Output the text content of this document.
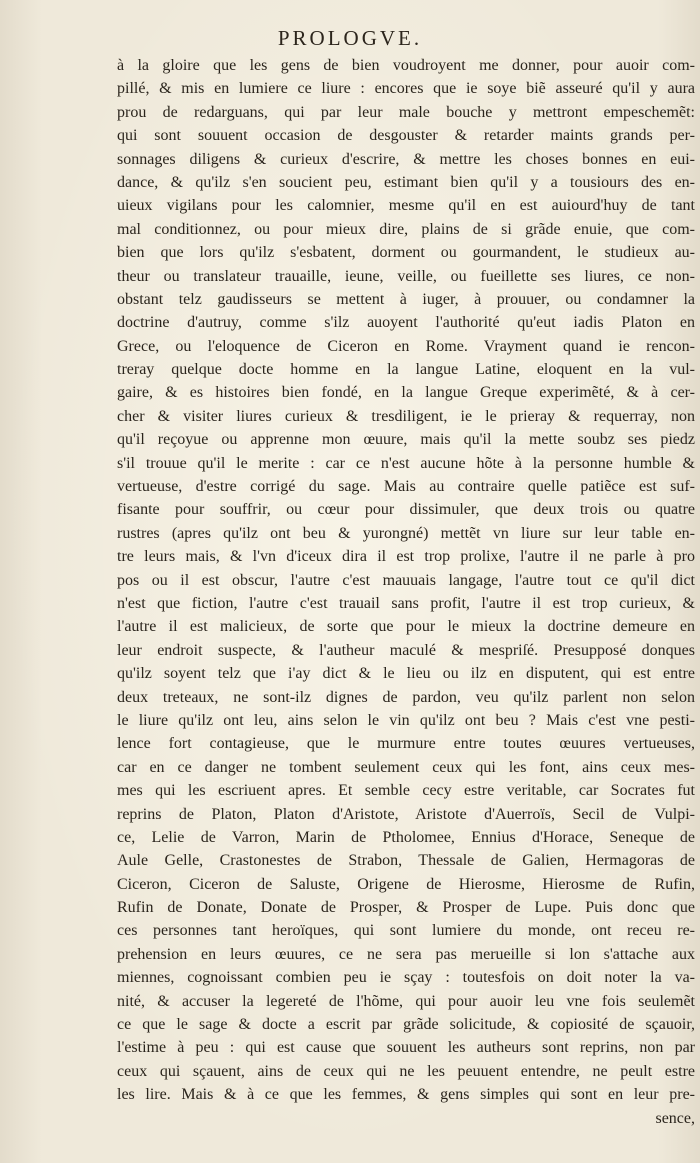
PROLOGVE.
à la gloire que les gens de bien voudroyent me donner, pour auoir com-
pillé, & mis en lumiere ce liure : encores que ie soye biẽ asseuré qu'il y aura
prou de redarguans, qui par leur male bouche y mettront empeschemẽt:
qui sont souuent occasion de desgouster & retarder maints grands per-
sonnages diligens & curieux d'escrire, & mettre les choses bonnes en eui-
dance, & qu'ilz s'en soucient peu, estimant bien qu'il y a tousiours des en-
uieux vigilans pour les calomnier, mesme qu'il en est auiourd'huy de tant
mal conditionnez, ou pour mieux dire, plains de si grãde enuie, que com-
bien que lors qu'ilz s'esbatent, dorment ou gourmandent, le studieux au-
theur ou translateur trauaille, ieune, veille, ou fueillette ses liures, ce non-
obstant telz gaudisseurs se mettent à iuger, à prouuer, ou condamner la
doctrine d'autruy, comme s'ilz auoyent l'authorité qu'eut iadis Platon en
Grece, ou l'eloquence de Ciceron en Rome. Vrayment quand ie rencon-
treray quelque docte homme en la langue Latine, eloquent en la vul-
gaire, & es histoires bien fondé, en la langue Greque experimẽté, & à cer-
cher & visiter liures curieux & tresdiligent, ie le prieray & requerray, non
qu'il reçoyue ou apprenne mon œuure, mais qu'il la mette soubz ses piedz
s'il trouue qu'il le merite : car ce n'est aucune hõte à la personne humble &
vertueuse, d'estre corrigé du sage. Mais au contraire quelle patiẽce est suf-
fisante pour souffrir, ou cœur pour dissimuler, que deux trois ou quatre
rustres (apres qu'ilz ont beu & yurongné) mettẽt vn liure sur leur table en-
tre leurs mais, & l'vn d'iceux dira il est trop prolixe, l'autre il ne parle à pro
pos ou il est obscur, l'autre c'est mauuais langage, l'autre tout ce qu'il dict
n'est que fiction, l'autre c'est trauail sans profit, l'autre il est trop curieux, &
l'autre il est malicieux, de sorte que pour le mieux la doctrine demeure en
leur endroit suspecte, & l'autheur maculé & mespriſé. Presupposé donques
qu'ilz soyent telz que i'ay dict & le lieu ou ilz en disputent, qui est entre
deux treteaux, ne sont-ilz dignes de pardon, veu qu'ilz parlent non selon
le liure qu'ilz ont leu, ains selon le vin qu'ilz ont beu ? Mais c'est vne pesti-
lence fort contagieuse, que le murmure entre toutes œuures vertueuses,
car en ce danger ne tombent seulement ceux qui les font, ains ceux mes-
mes qui les escriuent apres. Et semble cecy estre veritable, car Socrates fut
reprins de Platon, Platon d'Aristote, Aristote d'Auerroïs, Secil de Vulpi-
ce, Lelie de Varron, Marin de Ptholomee, Ennius d'Horace, Seneque de
Aule Gelle, Crastonestes de Strabon, Thessale de Galien, Hermagoras de
Ciceron, Ciceron de Saluste, Origene de Hierosme, Hierosme de Rufin,
Rufin de Donate, Donate de Prosper, & Prosper de Lupe. Puis donc que
ces personnes tant heroïques, qui sont lumiere du monde, ont receu re-
prehension en leurs œuures, ce ne sera pas merueille si lon s'attache aux
miennes, cognoissant combien peu ie sçay : toutesfois on doit noter la va-
nité, & accuser la legereté de l'hõme, qui pour auoir leu vne fois seulemẽt
ce que le sage & docte a escrit par grãde solicitude, & copiosité de sçauoir,
l'estime à peu : qui est cause que souuent les autheurs sont reprins, non par
ceux qui sçauent, ains de ceux qui ne les peuuent entendre, ne peult estre
les lire. Mais & à ce que les femmes, & gens simples qui sont en leur pre-
sence,
